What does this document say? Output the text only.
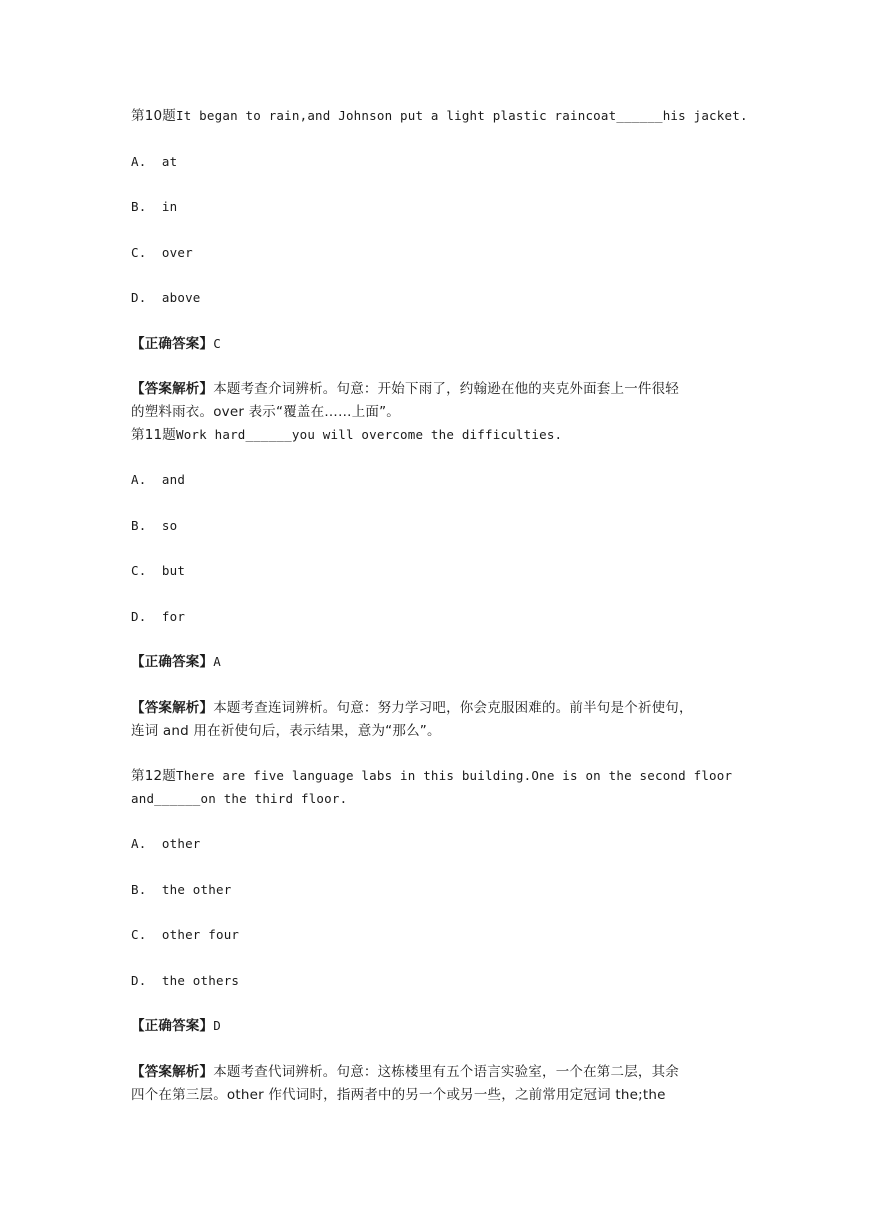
第10题It began to rain,and Johnson put a light plastic raincoat______his jacket.

A.  at

B.  in

C.  over

D.  above

【正确答案】C

【答案解析】本题考查介词辨析。句意：开始下雨了，约翰逊在他的夹克外面套上一件很轻

的塑料雨衣。over 表示“覆盖在……上面”。

第11题Work hard______you will overcome the difficulties.

A.  and

B.  so

C.  but

D.  for

【正确答案】A

【答案解析】本题考查连词辨析。句意：努力学习吧，你会克服困难的。前半句是个祈使句，

连词 and 用在祈使句后，表示结果，意为“那么”。

第12题There are five language labs in this building.One is on the second floor

and______on the third floor.

A.  other

B.  the other

C.  other four

D.  the others

【正确答案】D

【答案解析】本题考查代词辨析。句意：这栋楼里有五个语言实验室，一个在第二层，其余

四个在第三层。other 作代词时，指两者中的另一个或另一些，之前常用定冠词 the;the
